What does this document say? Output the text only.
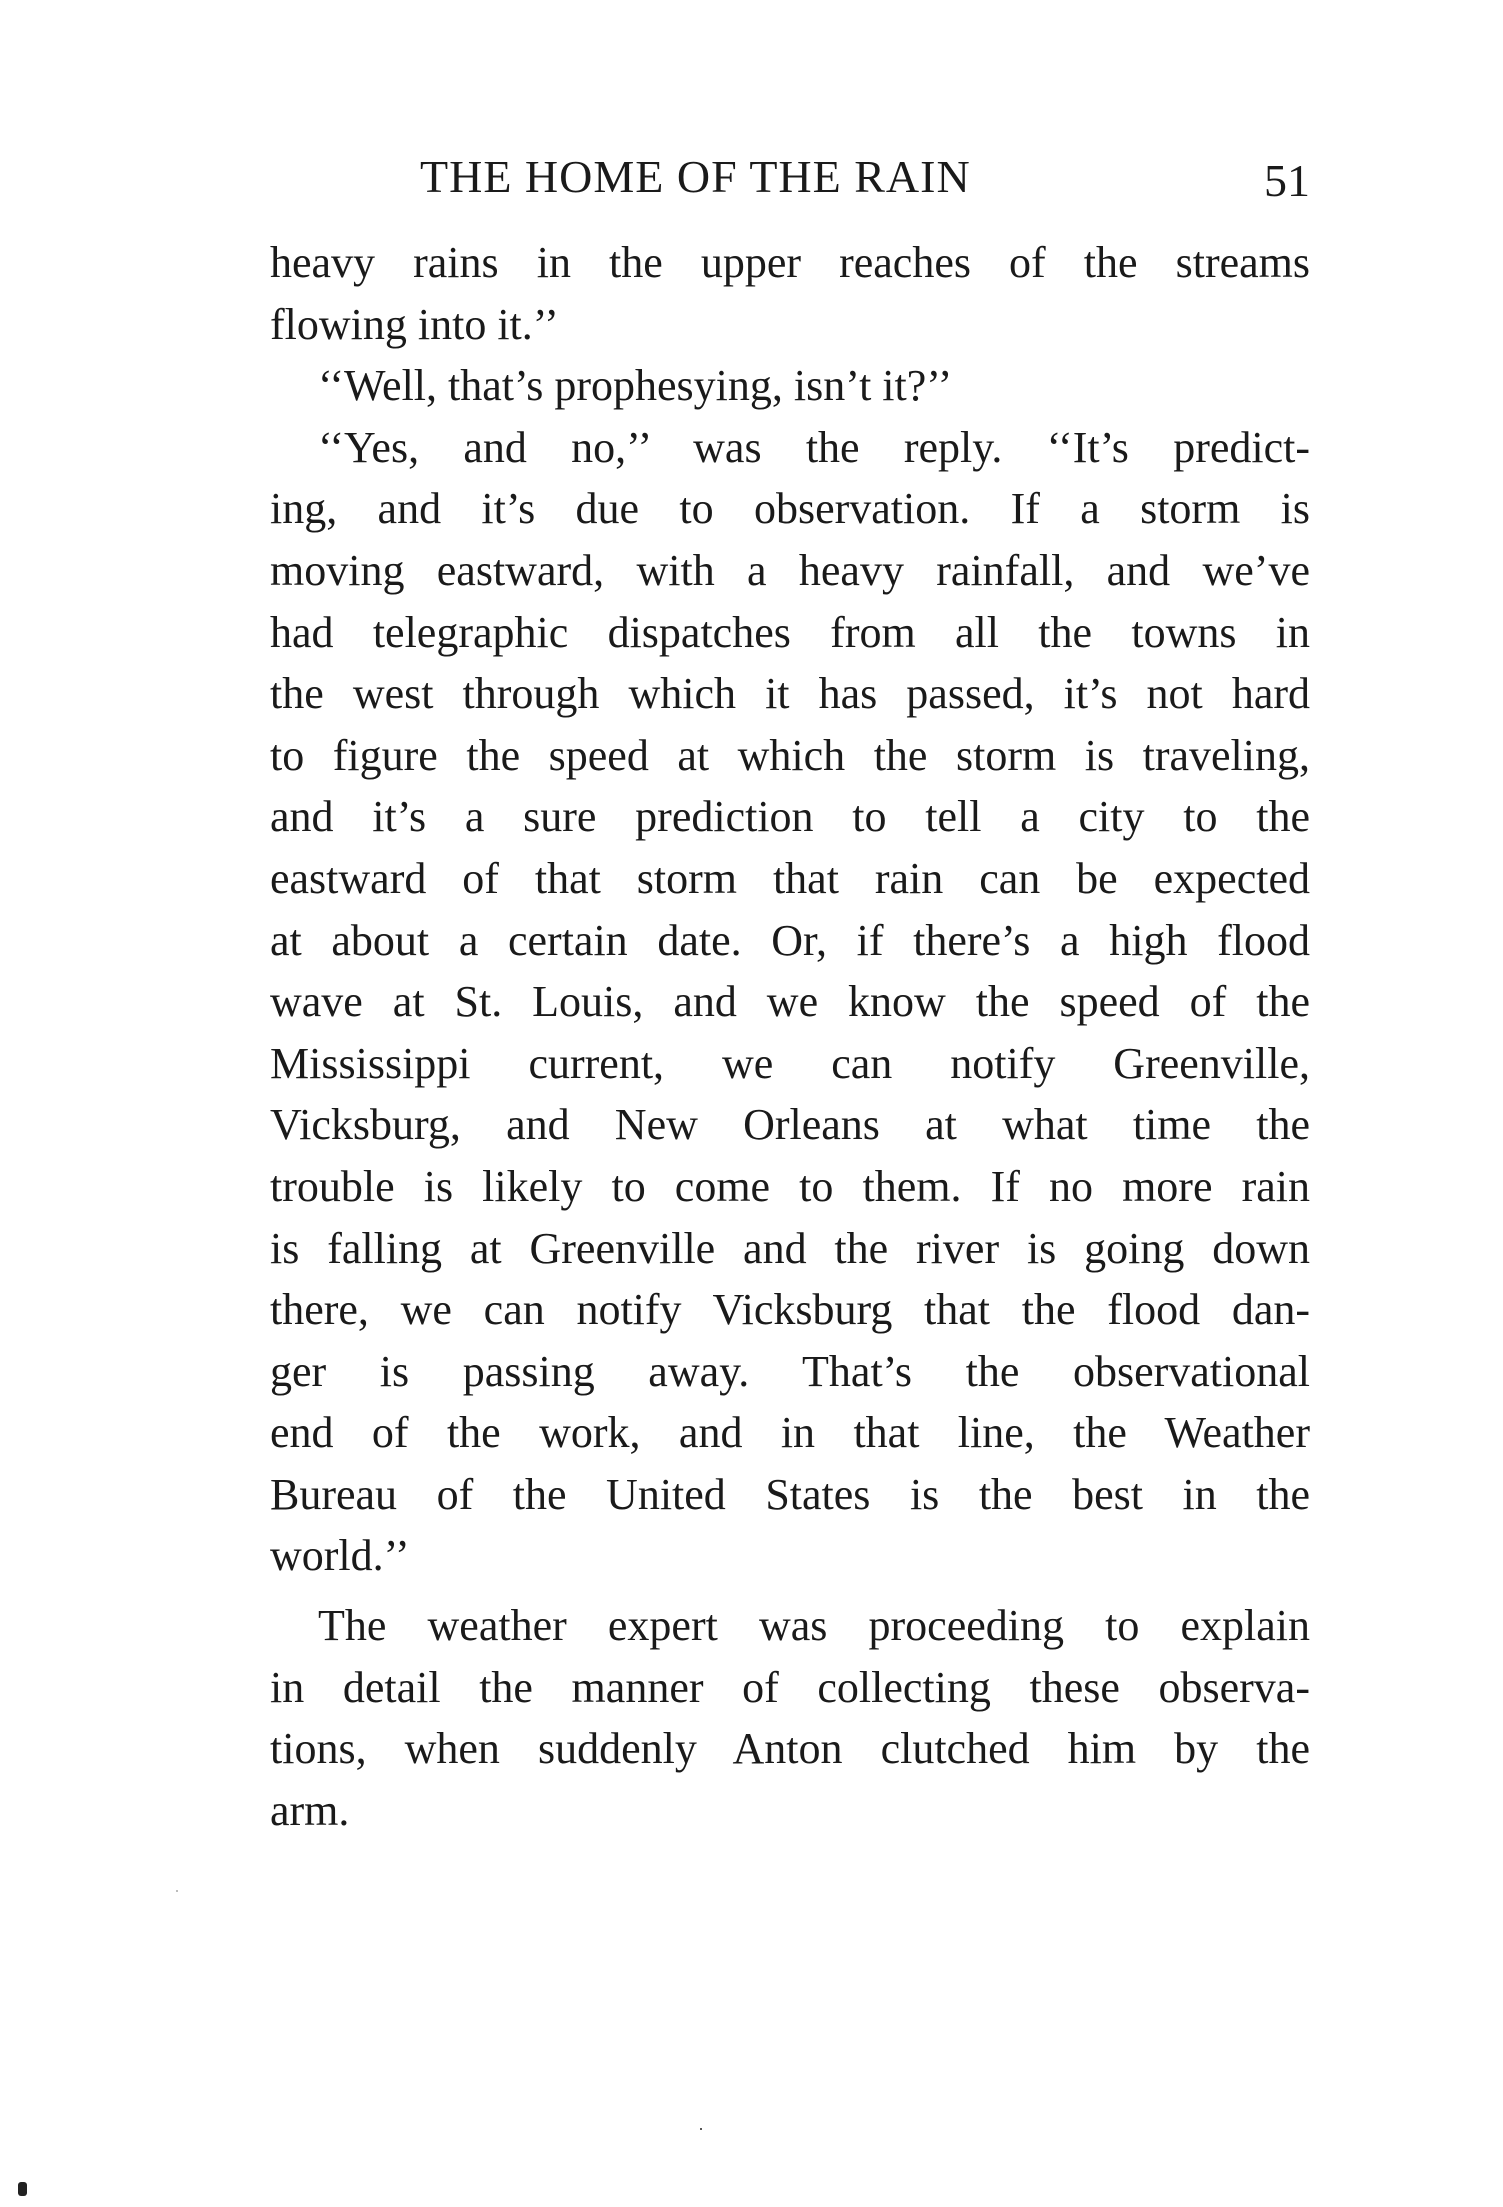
THE HOME OF THE RAIN	51
heavy rains in the upper reaches of the streams
flowing into it.’’
‘‘Well, that’s prophesying, isn’t it?’’
‘‘Yes, and no,’’ was the reply. ‘‘It’s predict-
ing, and it’s due to observation. If a storm is
moving eastward, with a heavy rainfall, and we’ve
had telegraphic dispatches from all the towns in
the west through which it has passed, it’s not hard
to figure the speed at which the storm is traveling,
and it’s a sure prediction to tell a city to the
eastward of that storm that rain can be expected
at about a certain date. Or, if there’s a high flood
wave at St. Louis, and we know the speed of the
Mississippi current, we can notify Greenville,
Vicksburg, and New Orleans at what time the
trouble is likely to come to them. If no more rain
is falling at Greenville and the river is going down
there, we can notify Vicksburg that the flood dan-
ger is passing away. That’s the observational
end of the work, and in that line, the Weather
Bureau of the United States is the best in the
world.’’
The weather expert was proceeding to explain
in detail the manner of collecting these observa-
tions, when suddenly Anton clutched him by the
arm.
